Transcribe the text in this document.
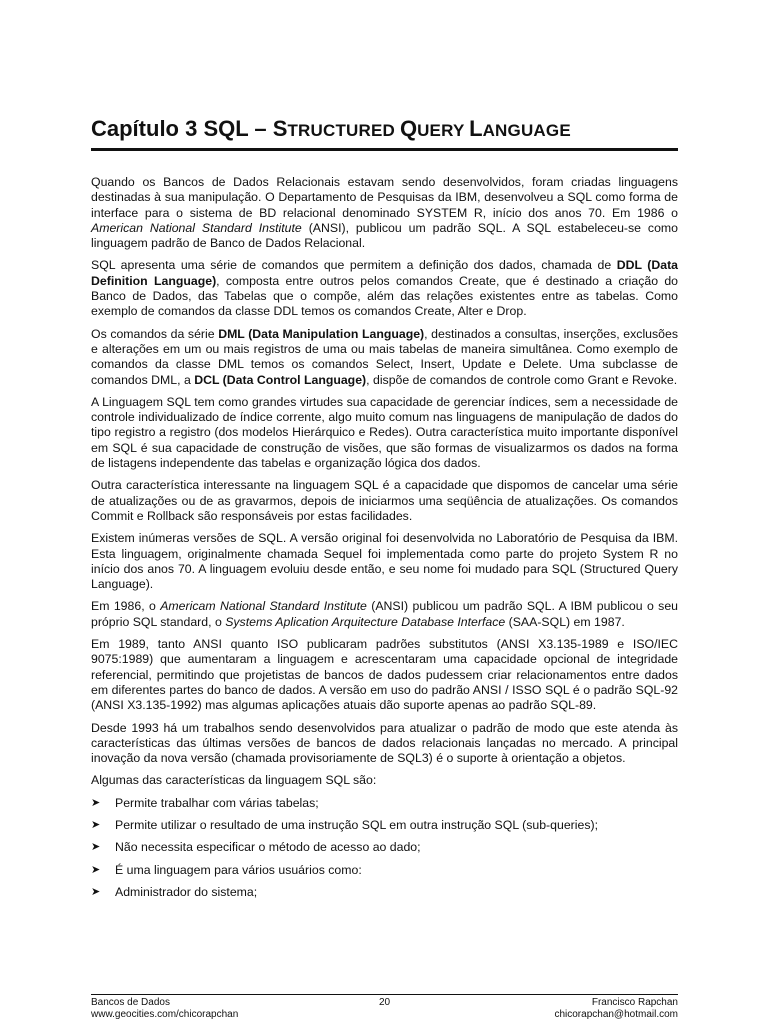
Capítulo 3 SQL – STRUCTURED QUERY LANGUAGE

Quando os Bancos de Dados Relacionais estavam sendo desenvolvidos, foram criadas linguagens destinadas à sua manipulação. O Departamento de Pesquisas da IBM, desenvolveu a SQL como forma de interface para o sistema de BD relacional denominado SYSTEM R, início dos anos 70. Em 1986 o American National Standard Institute (ANSI), publicou um padrão SQL. A SQL estabeleceu-se como linguagem padrão de Banco de Dados Relacional.

SQL apresenta uma série de comandos que permitem a definição dos dados, chamada de DDL (Data Definition Language), composta entre outros pelos comandos Create, que é destinado a criação do Banco de Dados, das Tabelas que o compõe, além das relações existentes entre as tabelas. Como exemplo de comandos da classe DDL temos os comandos Create, Alter e Drop.

Os comandos da série DML (Data Manipulation Language), destinados a consultas, inserções, exclusões e alterações em um ou mais registros de uma ou mais tabelas de maneira simultânea. Como exemplo de comandos da classe DML temos os comandos Select, Insert, Update e Delete. Uma subclasse de comandos DML, a DCL (Data Control Language), dispõe de comandos de controle como Grant e Revoke.

A Linguagem SQL tem como grandes virtudes sua capacidade de gerenciar índices, sem a necessidade de controle individualizado de índice corrente, algo muito comum nas linguagens de manipulação de dados do tipo registro a registro (dos modelos Hierárquico e Redes). Outra característica muito importante disponível em SQL é sua capacidade de construção de visões, que são formas de visualizarmos os dados na forma de listagens independente das tabelas e organização lógica dos dados.

Outra característica interessante na linguagem SQL é a capacidade que dispomos de cancelar uma série de atualizações ou de as gravarmos, depois de iniciarmos uma seqüência de atualizações. Os comandos Commit e Rollback são responsáveis por estas facilidades.

Existem inúmeras versões de SQL. A versão original foi desenvolvida no Laboratório de Pesquisa da IBM. Esta linguagem, originalmente chamada Sequel foi implementada como parte do projeto System R no início dos anos 70. A linguagem evoluiu desde então, e seu nome foi mudado para SQL (Structured Query Language).

Em 1986, o Americam National Standard Institute (ANSI) publicou um padrão SQL. A IBM publicou o seu próprio SQL standard, o Systems Aplication Arquitecture Database Interface (SAA-SQL) em 1987.

Em 1989, tanto ANSI quanto ISO publicaram padrões substitutos (ANSI X3.135-1989 e ISO/IEC 9075:1989) que aumentaram a linguagem e acrescentaram uma capacidade opcional de integridade referencial, permitindo que projetistas de bancos de dados pudessem criar relacionamentos entre dados em diferentes partes do banco de dados. A versão em uso do padrão ANSI / ISSO SQL é o padrão SQL-92 (ANSI X3.135-1992) mas algumas aplicações atuais dão suporte apenas ao padrão SQL-89.

Desde 1993 há um trabalhos sendo desenvolvidos para atualizar o padrão de modo que este atenda às características das últimas versões de bancos de dados relacionais lançadas no mercado. A principal inovação da nova versão (chamada provisoriamente de SQL3) é o suporte à orientação a objetos.

Algumas das características da linguagem SQL são:

➤ Permite trabalhar com várias tabelas;
➤ Permite utilizar o resultado de uma instrução SQL em outra instrução SQL (sub-queries);
➤ Não necessita especificar o método de acesso ao dado;
➤ É uma linguagem para vários usuários como:
➤ Administrador do sistema;
Bancos de Dados
www.geocities.com/chicorapchan
20	Francisco Rapchan
chicorapchan@hotmail.com
